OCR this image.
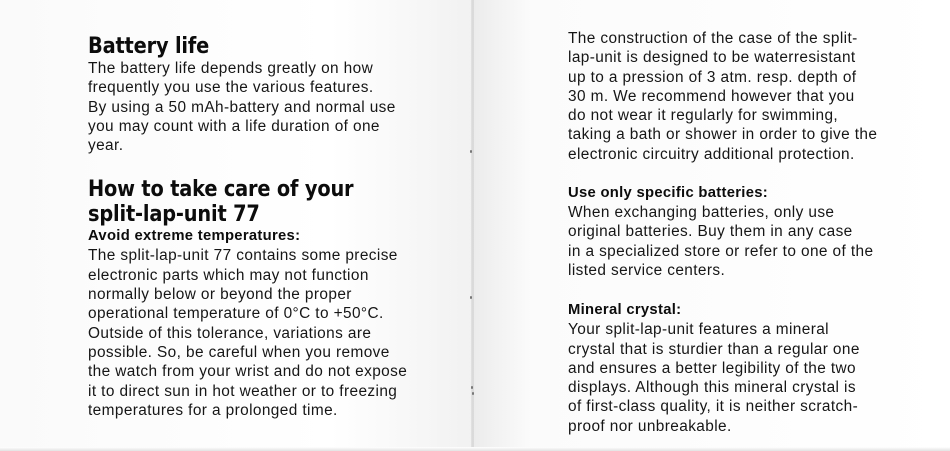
Battery life

The battery life depends greatly on how
frequently you use the various features.
By using a 50 mAh-battery and normal use
you may count with a life duration of one
year.

How to take care of your
split-lap-unit 77
Avoid extreme temperatures:

The split-lap-unit 77 contains some precise
electronic parts which may not function
normally below or beyond the proper
operational temperature of 0°C to +50°C.
Outside of this tolerance, variations are
possible. So, be careful when you remove
the watch from your wrist and do not expose
it to direct sun in hot weather or to freezing
temperatures for a prolonged time.

The construction of the case of the split-
lap-unit is designed to be waterresistant
up to a pression of 3 atm. resp. depth of
30 m. We recommend however that you
do not wear it regularly for swimming,
taking a bath or shower in order to give the
electronic circuitry additional protection.

Use only specific batteries:

When exchanging batteries, only use
original batteries. Buy them in any case
in a specialized store or refer to one of the
listed service centers.

Mineral crystal:

Your split-lap-unit features a mineral
crystal that is sturdier than a regular one
and ensures a better legibility of the two
displays. Although this mineral crystal is
of first-class quality, it is neither scratch-
proof nor unbreakable.
